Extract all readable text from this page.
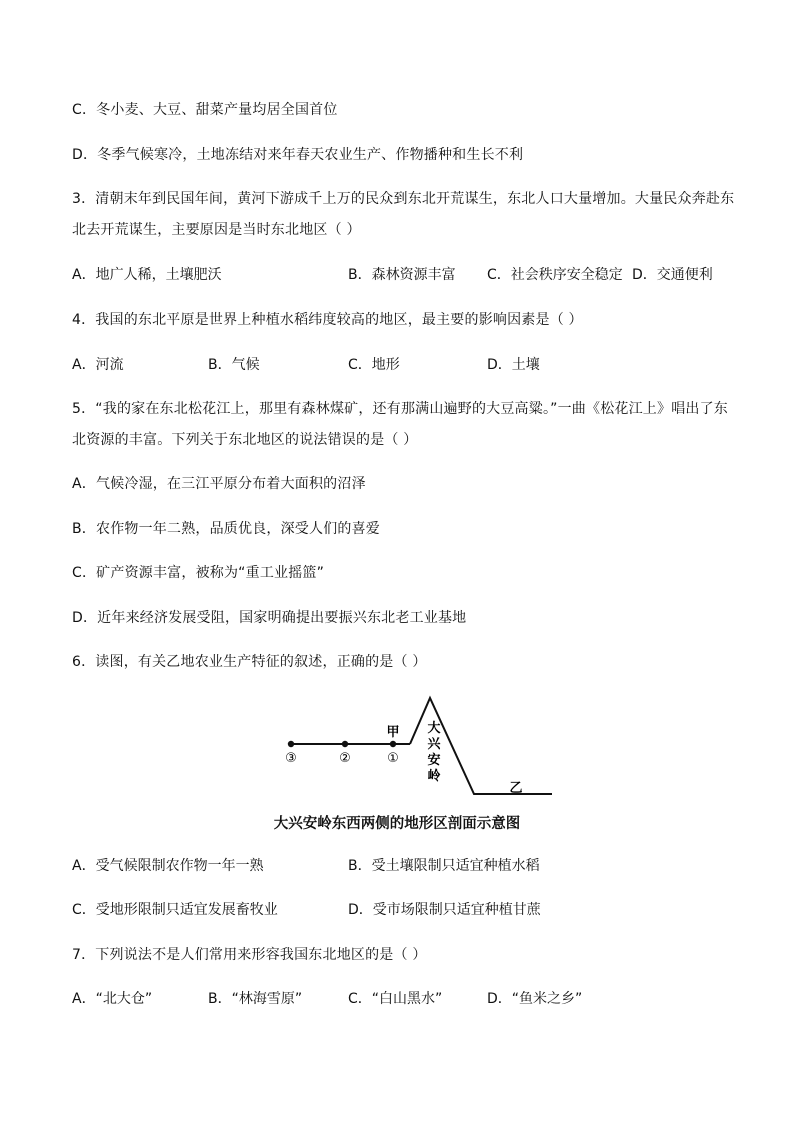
C．冬小麦、大豆、甜菜产量均居全国首位
D．冬季气候寒冷，土地冻结对来年春天农业生产、作物播种和生长不利
3．清朝末年到民国年间，黄河下游成千上万的民众到东北开荒谋生，东北人口大量增加。大量民众奔赴东
北去开荒谋生，主要原因是当时东北地区（ ）
A．地广人稀，土壤肥沃	B．森林资源丰富 C．社会秩序安全稳定 D．交通便利
4．我国的东北平原是世界上种植水稻纬度较高的地区，最主要的影响因素是（ ）
A．河流	B．气候	C．地形	D．土壤
5．“我的家在东北松花江上，那里有森林煤矿，还有那满山遍野的大豆高粱。”一曲《松花江上》唱出了东
北资源的丰富。下列关于东北地区的说法错误的是（ ）
A．气候冷湿，在三江平原分布着大面积的沼泽
B．农作物一年二熟，品质优良，深受人们的喜爱
C．矿产资源丰富，被称为“重工业摇篮”
D．近年来经济发展受阻，国家明确提出要振兴东北老工业基地
6．读图，有关乙地农业生产特征的叙述，正确的是（ ）
③	②	①
甲
乙
大
兴
安
岭
大兴安岭东西两侧的地形区剖面示意图
A．受气候限制农作物一年一熟	B．受土壤限制只适宜种植水稻
C．受地形限制只适宜发展畜牧业	D．受市场限制只适宜种植甘蔗
7．下列说法不是人们常用来形容我国东北地区的是（ ）
A．“北大仓”	B．“林海雪原”	C．“白山黑水”	D．“鱼米之乡”
